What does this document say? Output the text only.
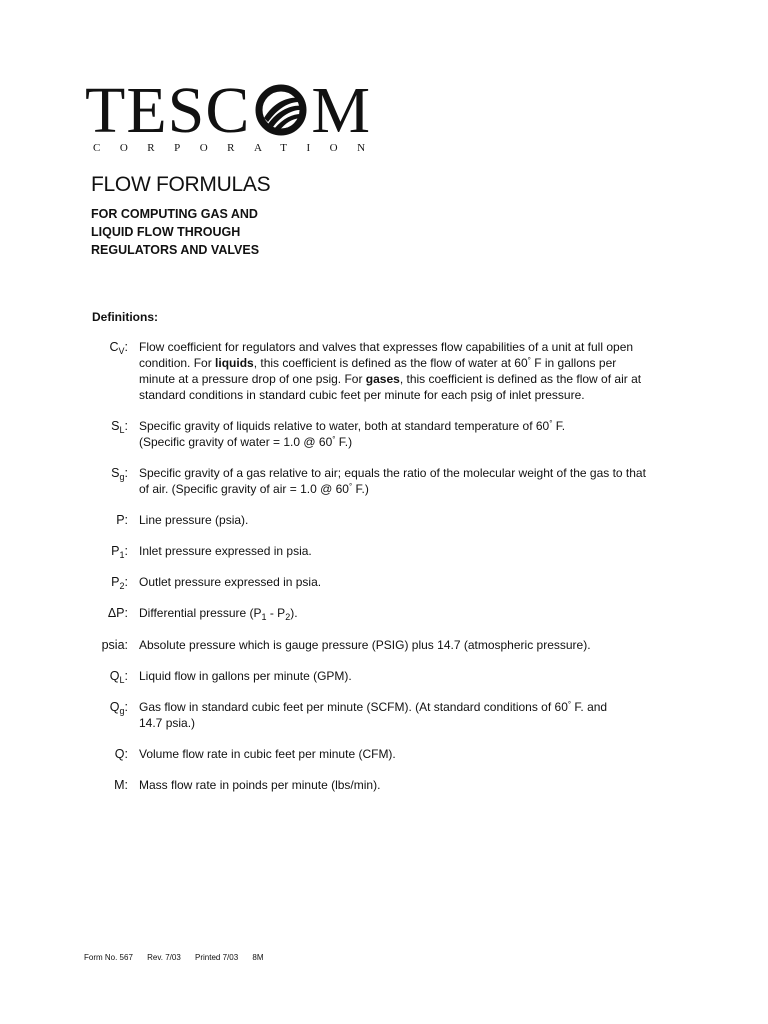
TESC M
CORPORATION
FLOW FORMULAS
FOR COMPUTING GAS AND
LIQUID FLOW THROUGH
REGULATORS AND VALVES
Definitions:
$C_V$: Flow coefficient for regulators and valves that expresses flow capabilities of a unit at full open
condition. For liquids, this coefficient is defined as the flow of water at 60° F in gallons per
minute at a pressure drop of one psig. For gases, this coefficient is defined as the flow of air at
standard conditions in standard cubic feet per minute for each psig of inlet pressure.
$S_L$: Specific gravity of liquids relative to water, both at standard temperature of 60° F.
(Specific gravity of water = 1.0 @ 60° F.)
$S_g$: Specific gravity of a gas relative to air; equals the ratio of the molecular weight of the gas to that
of air. (Specific gravity of air = 1.0 @ 60° F.)
P: Line pressure (psia).
$P_1$: Inlet pressure expressed in psia.
$P_2$: Outlet pressure expressed in psia.
ΔP: Differential pressure $(P_1 - P_2)$.
psia: Absolute pressure which is gauge pressure (PSIG) plus 14.7 (atmospheric pressure).
$Q_L$: Liquid flow in gallons per minute (GPM).
$Q_g$: Gas flow in standard cubic feet per minute (SCFM). (At standard conditions of 60° F. and
14.7 psia.)
Q: Volume flow rate in cubic feet per minute (CFM).
M: Mass flow rate in poinds per minute (lbs/min).
Form No. 567 Rev. 7/03 Printed 7/03 8M
